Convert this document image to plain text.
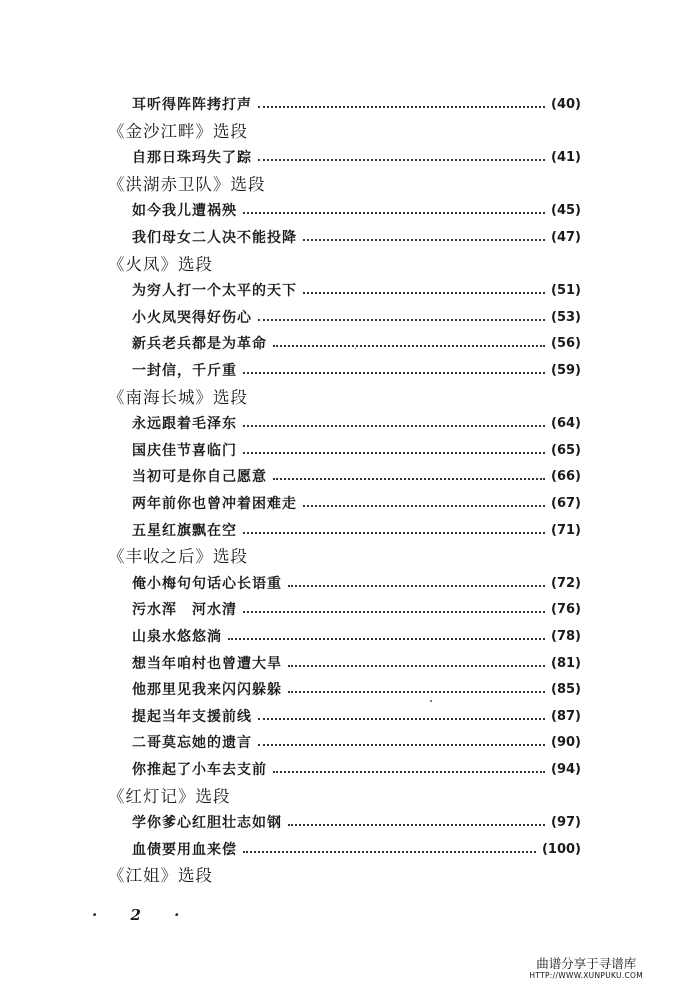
耳听得阵阵拷打声	(40)
《金沙江畔》选段
自那日珠玛失了踪	(41)
《洪湖赤卫队》选段
如今我儿遭祸殃	(45)
我们母女二人决不能投降	(47)
《火凤》选段
为穷人打一个太平的天下	(51)
小火凤哭得好伤心	(53)
新兵老兵都是为革命	(56)
一封信，千斤重	(59)
《南海长城》选段
永远跟着毛泽东	(64)
国庆佳节喜临门	(65)
当初可是你自己愿意	(66)
两年前你也曾冲着困难走	(67)
五星红旗飘在空	(71)
《丰收之后》选段
俺小梅句句话心长语重	(72)
污水浑　河水清	(76)
山泉水悠悠淌	(78)
想当年咱村也曾遭大旱	(81)
他那里见我来闪闪躲躲	(85)
提起当年支援前线	(87)
二哥莫忘她的遗言	(90)
你推起了小车去支前	(94)
《红灯记》选段
学你爹心红胆壮志如钢	(97)
血债要用血来偿	(100)
《江姐》选段
· 2 ·
曲谱分享于寻谱库
HTTP://WWW.XUNPUKU.COM
